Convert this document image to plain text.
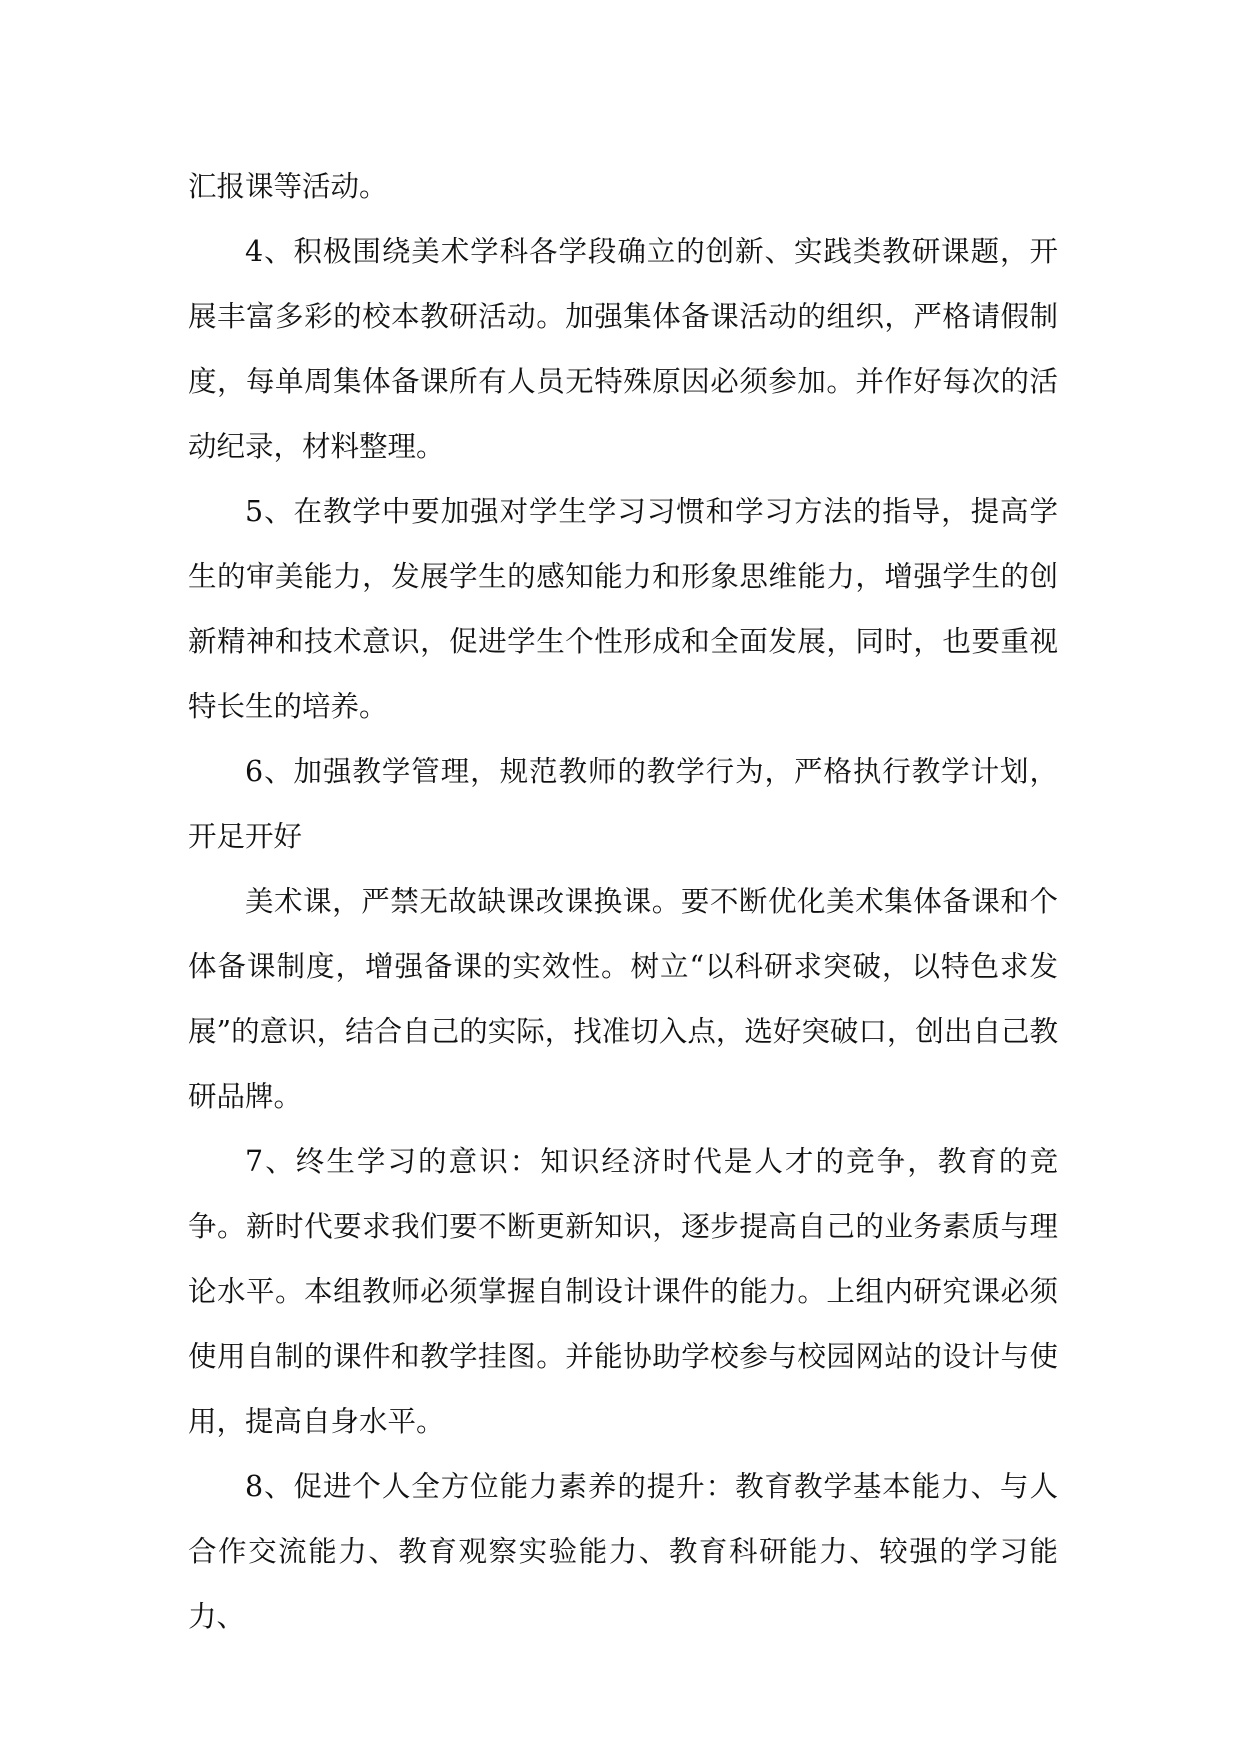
汇报课等活动。

4、积极围绕美术学科各学段确立的创新、实践类教研课题，开展丰富多彩的校本教研活动。加强集体备课活动的组织，严格请假制度，每单周集体备课所有人员无特殊原因必须参加。并作好每次的活动纪录，材料整理。

5、在教学中要加强对学生学习习惯和学习方法的指导，提高学生的审美能力，发展学生的感知能力和形象思维能力，增强学生的创新精神和技术意识，促进学生个性形成和全面发展，同时，也要重视特长生的培养。

6、加强教学管理，规范教师的教学行为，严格执行教学计划，开足开好

美术课，严禁无故缺课改课换课。要不断优化美术集体备课和个体备课制度，增强备课的实效性。树立“以科研求突破，以特色求发展”的意识，结合自己的实际，找准切入点，选好突破口，创出自己教研品牌。

7、终生学习的意识：知识经济时代是人才的竞争，教育的竞争。新时代要求我们要不断更新知识，逐步提高自己的业务素质与理论水平。本组教师必须掌握自制设计课件的能力。上组内研究课必须使用自制的课件和教学挂图。并能协助学校参与校园网站的设计与使用，提高自身水平。

8、促进个人全方位能力素养的提升：教育教学基本能力、与人合作交流能力、教育观察实验能力、教育科研能力、较强的学习能力、
